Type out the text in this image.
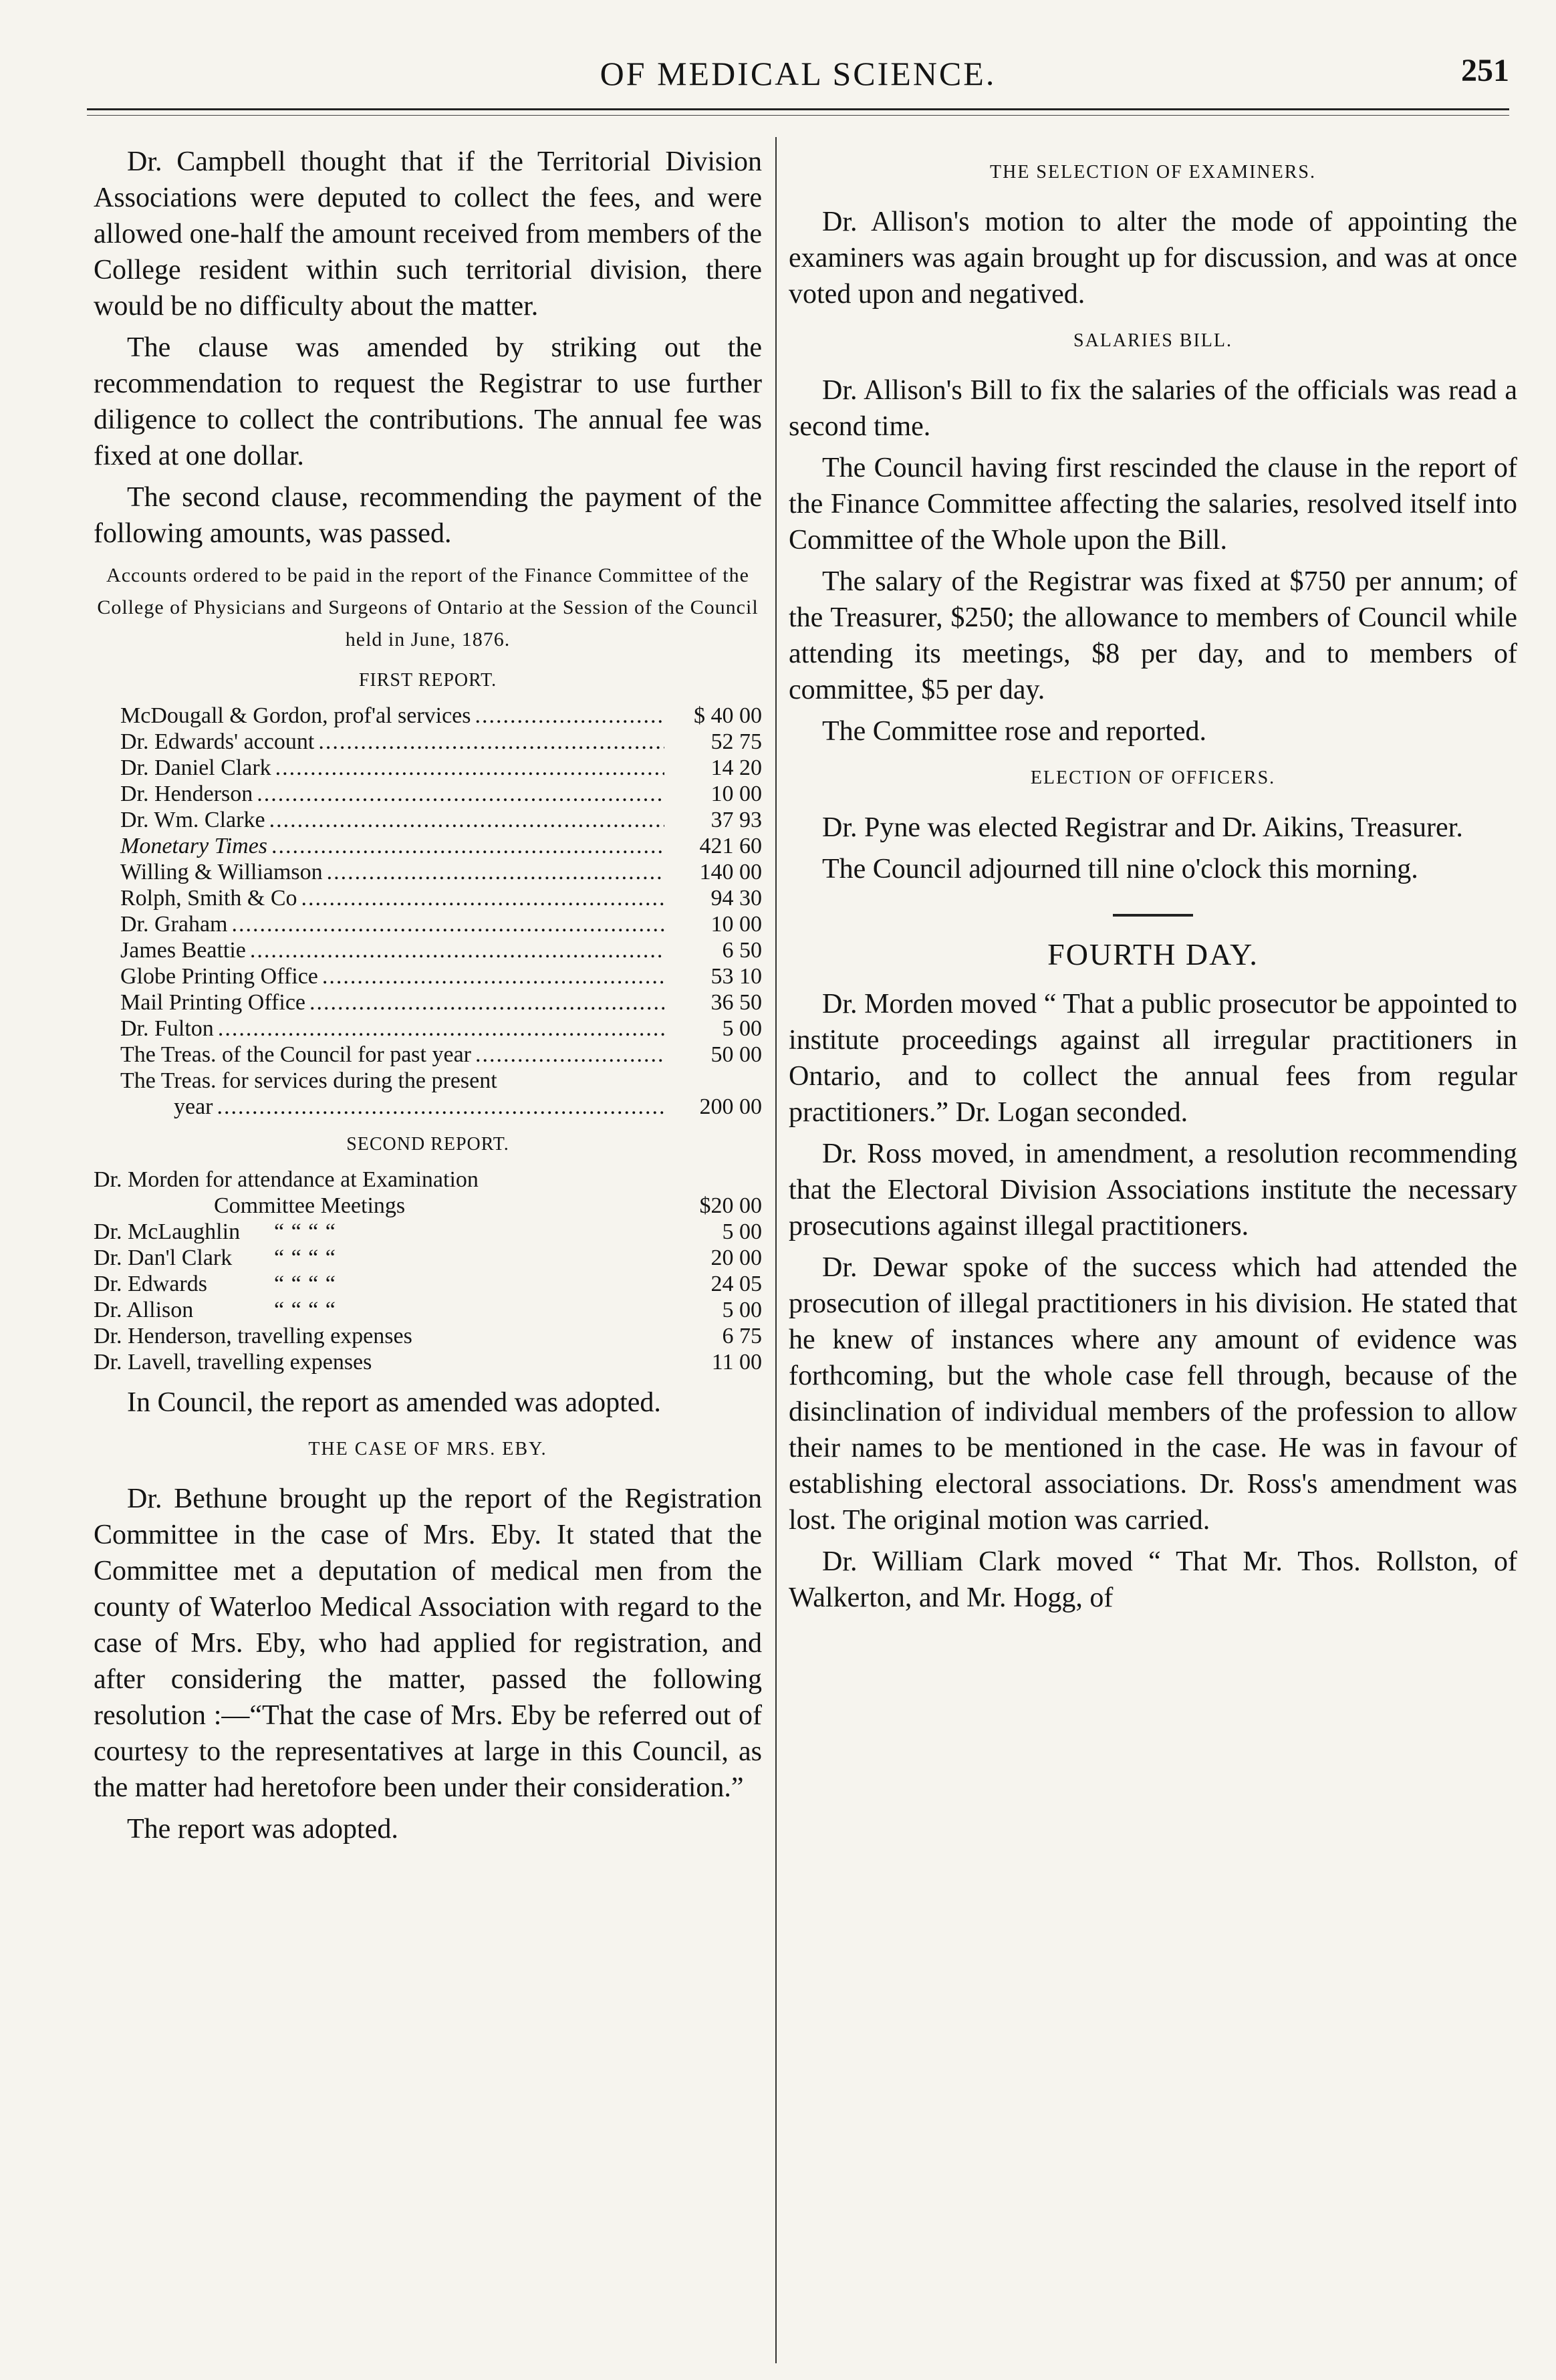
OF MEDICAL SCIENCE.	251

Dr. Campbell thought that if the Territorial Division Associations were deputed to collect the fees, and were allowed one-half the amount received from members of the College resident within such territorial division, there would be no difficulty about the matter.

The clause was amended by striking out the recommendation to request the Registrar to use further diligence to collect the contributions. The annual fee was fixed at one dollar.

The second clause, recommending the payment of the following amounts, was passed.

Accounts ordered to be paid in the report of the Finance Committee of the College of Physicians and Surgeons of Ontario at the Session of the Council held in June, 1876.
FIRST REPORT.
McDougall & Gordon, prof'al services .....	$ 40 00
Dr. Edwards' account .....	52 75
Dr. Daniel Clark .....	14 20
Dr. Henderson .....	10 00
Dr. Wm. Clarke .....	37 93
Monetary Times .....	421 60
Willing & Williamson .....	140 00
Rolph, Smith & Co .....	94 30
Dr. Graham .....	10 00
James Beattie .....	6 50
Globe Printing Office .....	53 10
Mail Printing Office .....	36 50
Dr. Fulton .....	5 00
The Treas. of the Council for past year .....	50 00
The Treas. for services during the present
year .....	200 00
SECOND REPORT.
Dr. Morden for attendance at Examination
Committee Meetings	$20 00
Dr. McLaughlin	“ “ “ “	5 00
Dr. Dan'l Clark	“ “ “ “	20 00
Dr. Edwards	“ “ “ “	24 05
Dr. Allison	“ “ “ “	5 00
Dr. Henderson, travelling expenses	6 75
Dr. Lavell, travelling expenses	11 00

In Council, the report as amended was adopted.

THE CASE OF MRS. EBY.

Dr. Bethune brought up the report of the Registration Committee in the case of Mrs. Eby. It stated that the Committee met a deputation of medical men from the county of Waterloo Medical Association with regard to the case of Mrs. Eby, who had applied for registration, and after considering the matter, passed the following resolution :—“That the case of Mrs. Eby be referred out of courtesy to the representatives at large in this Council, as the matter had heretofore been under their consideration.”

The report was adopted.

THE SELECTION OF EXAMINERS.

Dr. Allison's motion to alter the mode of appointing the examiners was again brought up for discussion, and was at once voted upon and negatived.

SALARIES BILL.

Dr. Allison's Bill to fix the salaries of the officials was read a second time.

The Council having first rescinded the clause in the report of the Finance Committee affecting the salaries, resolved itself into Committee of the Whole upon the Bill.

The salary of the Registrar was fixed at $750 per annum; of the Treasurer, $250; the allowance to members of Council while attending its meetings, $8 per day, and to members of committee, $5 per day.

The Committee rose and reported.

ELECTION OF OFFICERS.

Dr. Pyne was elected Registrar and Dr. Aikins, Treasurer.

The Council adjourned till nine o'clock this morning.

FOURTH DAY.

Dr. Morden moved “ That a public prosecutor be appointed to institute proceedings against all irregular practitioners in Ontario, and to collect the annual fees from regular practitioners.” Dr. Logan seconded.

Dr. Ross moved, in amendment, a resolution recommending that the Electoral Division Associations institute the necessary prosecutions against illegal practitioners.

Dr. Dewar spoke of the success which had attended the prosecution of illegal practitioners in his division. He stated that he knew of instances where any amount of evidence was forthcoming, but the whole case fell through, because of the disinclination of individual members of the profession to allow their names to be mentioned in the case. He was in favour of establishing electoral associations. Dr. Ross's amendment was lost. The original motion was carried.

Dr. William Clark moved “ That Mr. Thos. Rollston, of Walkerton, and Mr. Hogg, of
